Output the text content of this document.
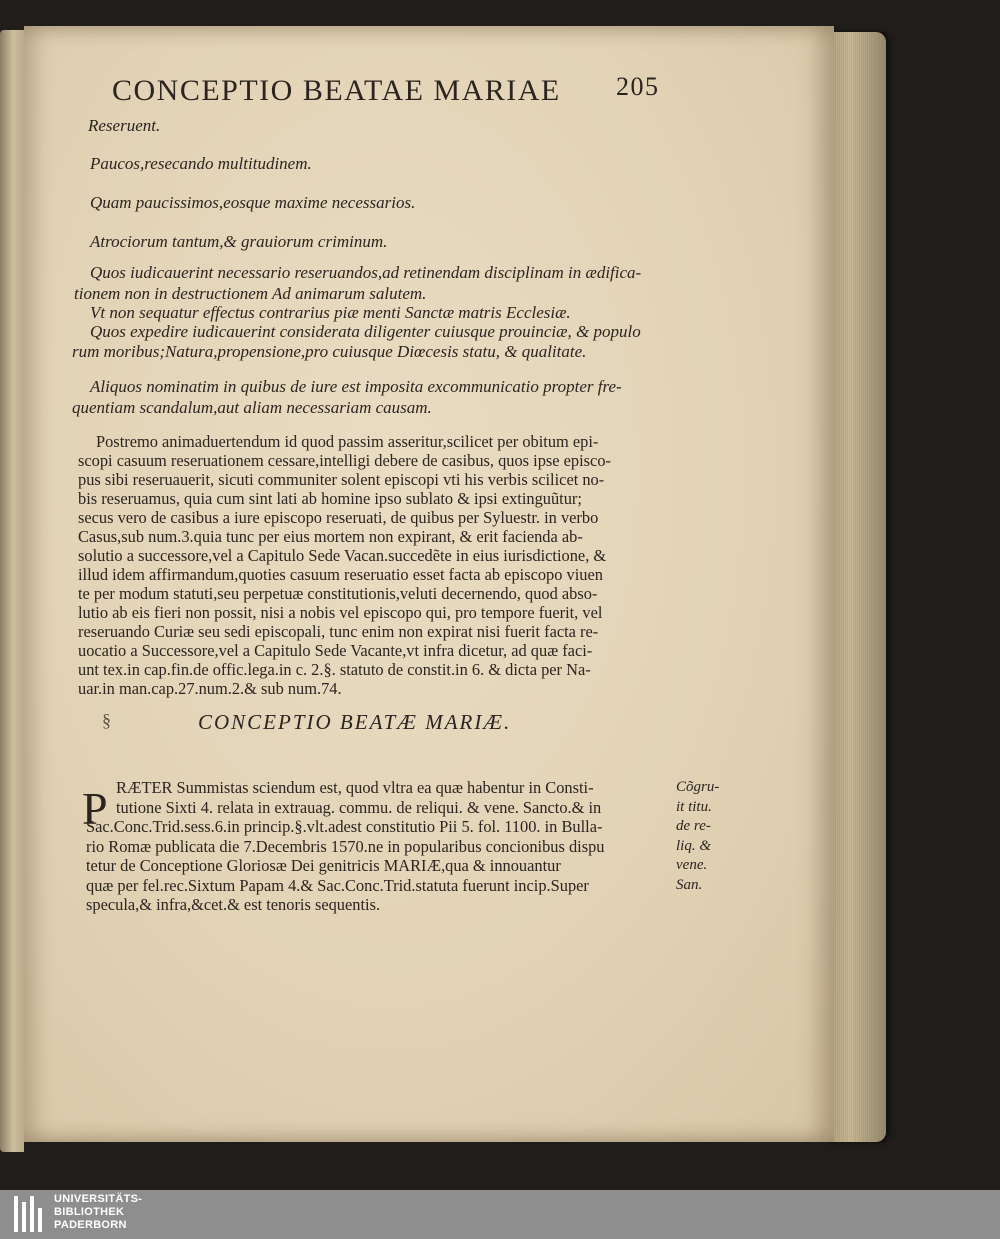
CONCEPTIO BEATAE MARIAE 205
Reseruent.
Paucos,resecando multitudinem.
Quam paucissimos,eosque maxime necessarios.
Atrociorum tantum,& grauiorum criminum.
Quos iudicauerint necessario reseruandos,ad retinendam disciplinam in ædifica-
tionem non in destructionem Ad animarum salutem.
Vt non sequatur effectus contrarius piæ menti Sanctæ matris Ecclesiæ.
Quos expedire iudicauerint considerata diligenter cuiusque prouinciæ, & populo
rum moribus;Natura,propensione,pro cuiusque Diœcesis statu, & qualitate.
Aliquos nominatim in quibus de iure est imposita excommunicatio propter fre-
quentiam scandalum,aut aliam necessariam causam.
Postremo animaduertendum id quod passim asseritur,scilicet per obitum epi-
scopi casuum reseruationem cessare,intelligi debere de casibus, quos ipse episco-
pus sibi reseruauerit, sicuti communiter solent episcopi vti his verbis scilicet no-
bis reseruamus, quia cum sint lati ab homine ipso sublato & ipsi extinguũtur;
secus vero de casibus a iure episcopo reseruati, de quibus per Syluestr. in verbo
Casus,sub num.3.quia tunc per eius mortem non expirant, & erit facienda ab-
solutio a successore,vel a Capitulo Sede Vacan.succedẽte in eius iurisdictione, &
illud idem affirmandum,quoties casuum reseruatio esset facta ab episcopo viuen
te per modum statuti,seu perpetuæ constitutionis,veluti decernendo, quod abso-
lutio ab eis fieri non possit, nisi a nobis vel episcopo qui, pro tempore fuerit, vel
reseruando Curiæ seu sedi episcopali, tunc enim non expirat nisi fuerit facta re-
uocatio a Successore,vel a Capitulo Sede Vacante,vt infra dicetur, ad quæ faci-
unt tex.in cap.fin.de offic.lega.in c. 2.§. statuto de constit.in 6. & dicta per Na-
uar.in man.cap.27.num.2.& sub num.74.
§	CONCEPTIO BEATÆ MARIÆ.
P RÆTER Summistas sciendum est, quod vltra ea quæ habentur in Consti-
tutione Sixti 4. relata in extrauag. commu. de reliqui. & vene. Sancto.& in
Sac.Conc.Trid.sess.6.in princip.§.vlt.adest constitutio Pii 5. fol. 1100. in Bulla-
rio Romæ publicata die 7.Decembris 1570.ne in popularibus concionibus dispu
tetur de Conceptione Gloriosæ Dei genitricis MARIÆ,qua & innouantur
quæ per fel.rec.Sixtum Papam 4.& Sac.Conc.Trid.statuta fuerunt incip.Super
specula,& infra,&cet.& est tenoris sequentis.
Cõgru-
it titu.
de re-
liq. &
vene.
San.
UNIVERSITÄTS-
BIBLIOTHEK
PADERBORN
